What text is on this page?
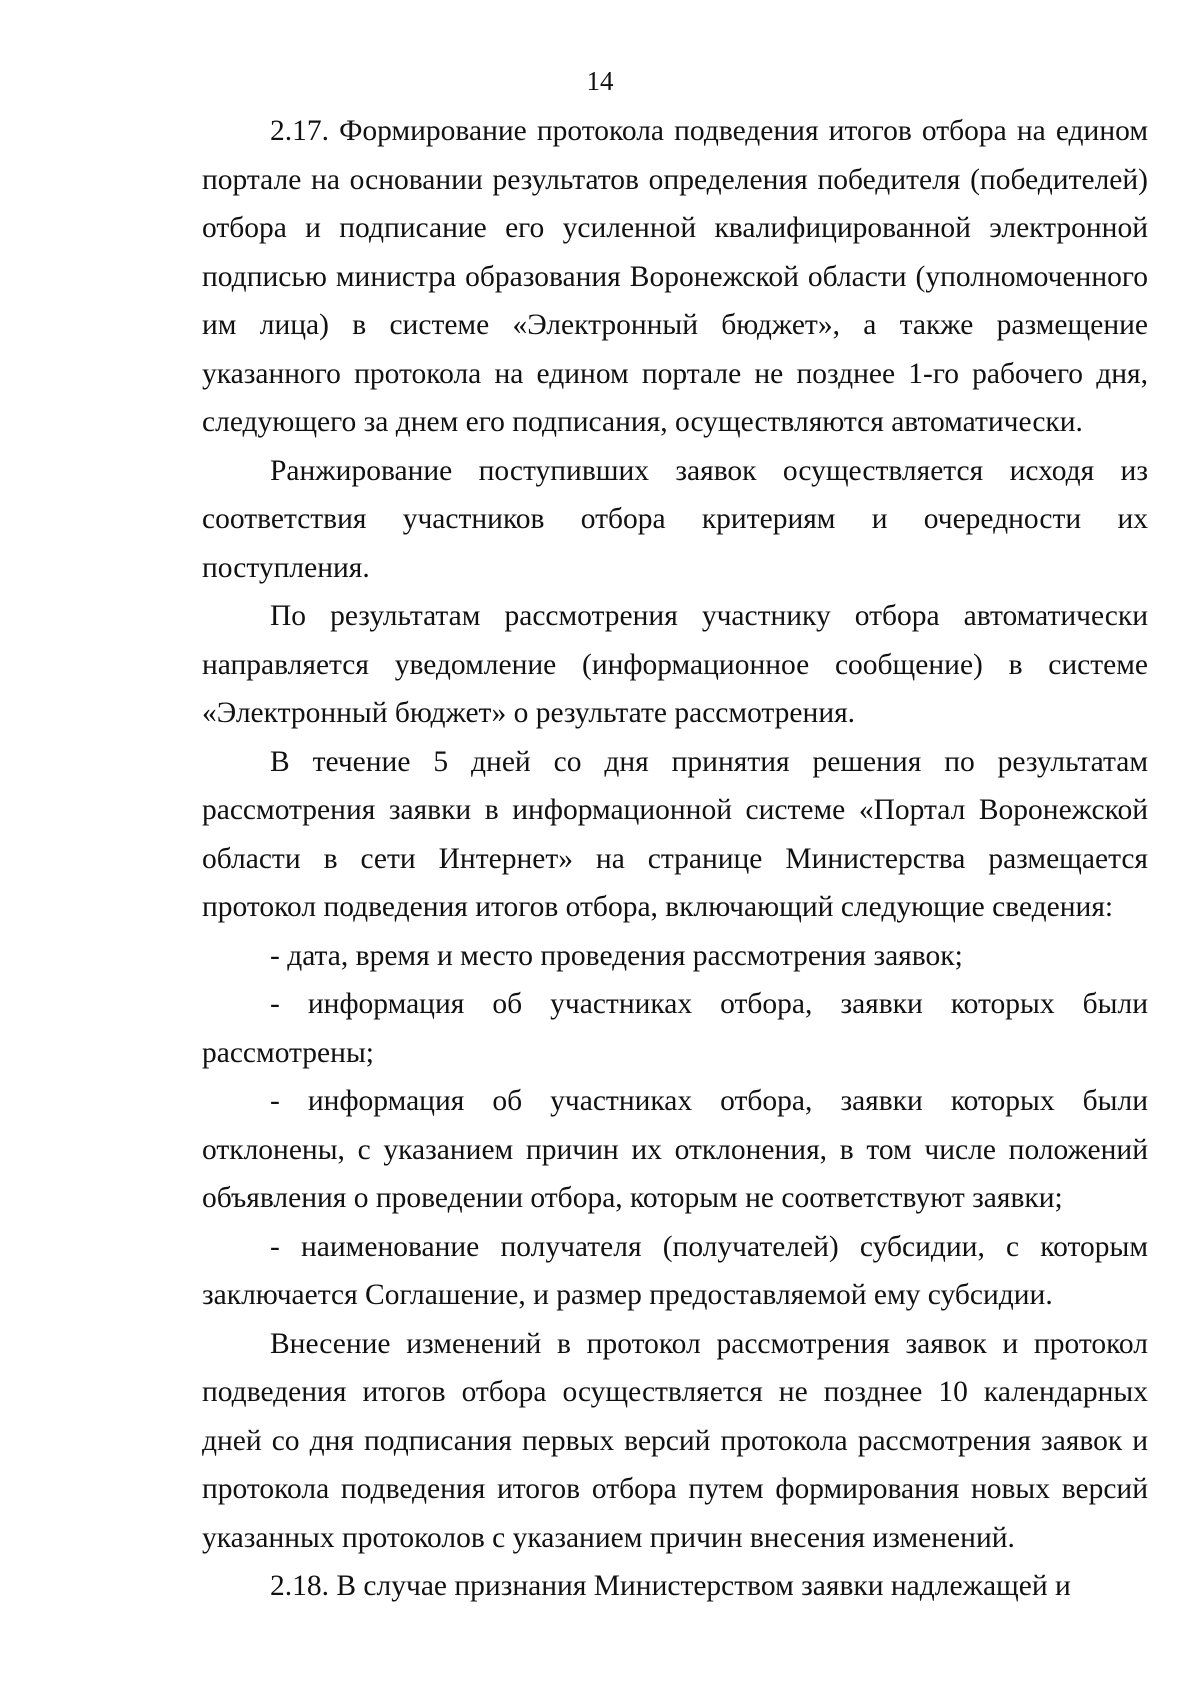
14

2.17. Формирование протокола подведения итогов отбора на едином портале на основании результатов определения победителя (победителей) отбора и подписание его усиленной квалифицированной электронной подписью министра образования Воронежской области (уполномоченного им лица) в системе «Электронный бюджет», а также размещение указанного протокола на едином портале не позднее 1-го рабочего дня, следующего за днем его подписания, осуществляются автоматически.

Ранжирование поступивших заявок осуществляется исходя из соответствия участников отбора критериям и очередности их поступления.

По результатам рассмотрения участнику отбора автоматически направляется уведомление (информационное сообщение) в системе «Электронный бюджет» о результате рассмотрения.

В течение 5 дней со дня принятия решения по результатам рассмотрения заявки в информационной системе «Портал Воронежской области в сети Интернет» на странице Министерства размещается протокол подведения итогов отбора, включающий следующие сведения:

- дата, время и место проведения рассмотрения заявок;

- информация об участниках отбора, заявки которых были рассмотрены;

- информация об участниках отбора, заявки которых были отклонены, с указанием причин их отклонения, в том числе положений объявления о проведении отбора, которым не соответствуют заявки;

- наименование получателя (получателей) субсидии, с которым заключается Соглашение, и размер предоставляемой ему субсидии.

Внесение изменений в протокол рассмотрения заявок и протокол подведения итогов отбора осуществляется не позднее 10 календарных дней со дня подписания первых версий протокола рассмотрения заявок и протокола подведения итогов отбора путем формирования новых версий указанных протоколов с указанием причин внесения изменений.

2.18. В случае признания Министерством заявки надлежащей и
